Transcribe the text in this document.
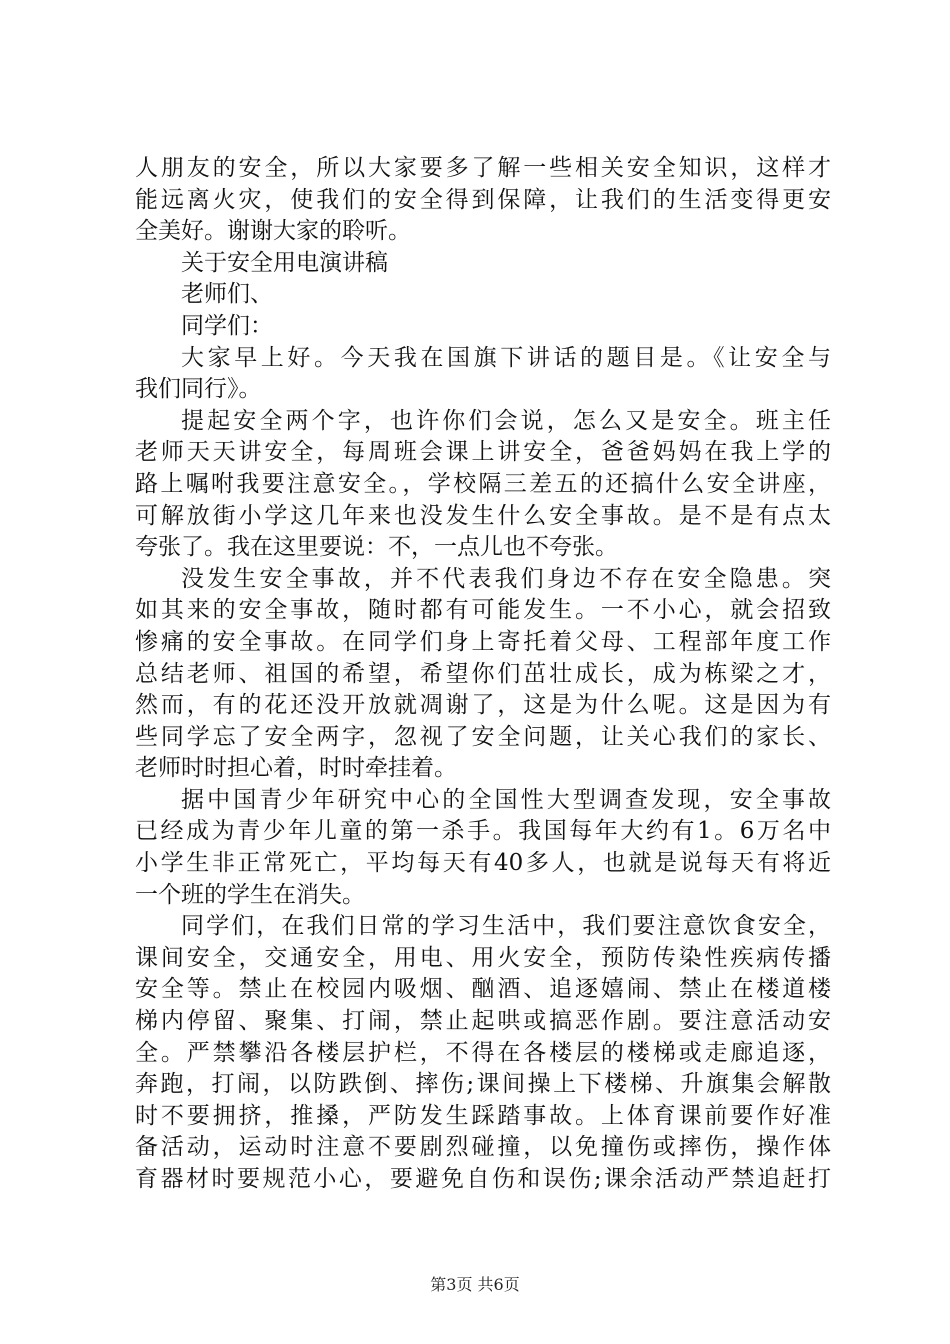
人朋友的安全，所以大家要多了解一些相关安全知识，这样才
能远离火灾，使我们的安全得到保障，让我们的生活变得更安
全美好。谢谢大家的聆听。
关于安全用电演讲稿
老师们、
同学们：
大家早上好。今天我在国旗下讲话的题目是。《让安全与
我们同行》。
提起安全两个字，也许你们会说，怎么又是安全。班主任
老师天天讲安全，每周班会课上讲安全，爸爸妈妈在我上学的
路上嘱咐我要注意安全。，学校隔三差五的还搞什么安全讲座，
可解放街小学这几年来也没发生什么安全事故。是不是有点太
夸张了。我在这里要说：不，一点儿也不夸张。
没发生安全事故，并不代表我们身边不存在安全隐患。突
如其来的安全事故，随时都有可能发生。一不小心，就会招致
惨痛的安全事故。在同学们身上寄托着父母、工程部年度工作
总结老师、祖国的希望，希望你们茁壮成长，成为栋梁之才，
然而，有的花还没开放就凋谢了，这是为什么呢。这是因为有
些同学忘了安全两字，忽视了安全问题，让关心我们的家长、
老师时时担心着，时时牵挂着。
据中国青少年研究中心的全国性大型调查发现，安全事故
已经成为青少年儿童的第一杀手。我国每年大约有1。6万名中
小学生非正常死亡，平均每天有40多人，也就是说每天有将近
一个班的学生在消失。
同学们，在我们日常的学习生活中，我们要注意饮食安全，
课间安全，交通安全，用电、用火安全，预防传染性疾病传播
安全等。禁止在校园内吸烟、酗酒、追逐嬉闹、禁止在楼道楼
梯内停留、聚集、打闹，禁止起哄或搞恶作剧。要注意活动安
全。严禁攀沿各楼层护栏，不得在各楼层的楼梯或走廊追逐，
奔跑，打闹，以防跌倒、摔伤;课间操上下楼梯、升旗集会解散
时不要拥挤，推搡，严防发生踩踏事故。上体育课前要作好准
备活动，运动时注意不要剧烈碰撞，以免撞伤或摔伤，操作体
育器材时要规范小心，要避免自伤和误伤;课余活动严禁追赶打
第3页 共6页
